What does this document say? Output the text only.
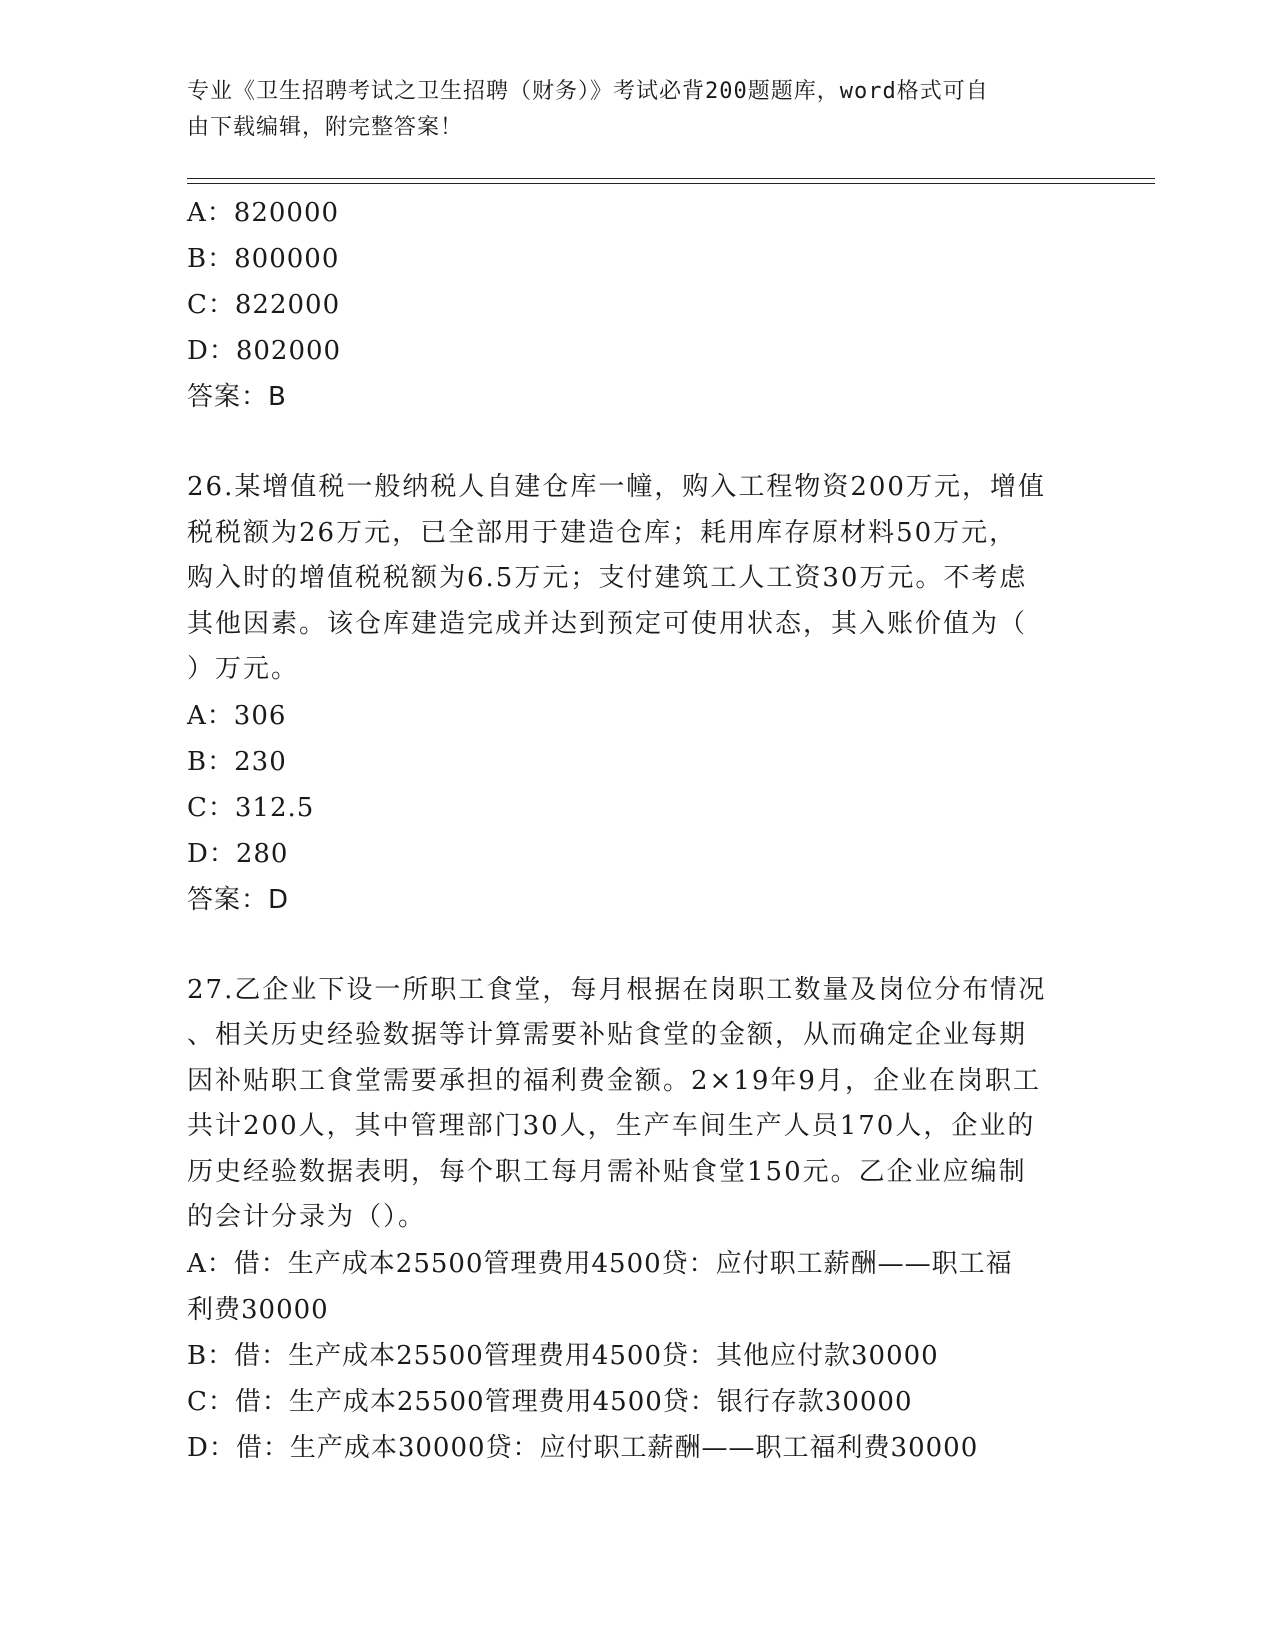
专业《卫生招聘考试之卫生招聘（财务）》考试必背200题题库，word格式可自
由下载编辑，附完整答案！
A：820000
B：800000
C：822000
D：802000
答案：B
26.某增值税一般纳税人自建仓库一幢，购入工程物资200万元，增值
税税额为26万元，已全部用于建造仓库；耗用库存原材料50万元，
购入时的增值税税额为6.5万元；支付建筑工人工资30万元。不考虑
其他因素。该仓库建造完成并达到预定可使用状态，其入账价值为（
）万元。
A：306
B：230
C：312.5
D：280
答案：D
27.乙企业下设一所职工食堂，每月根据在岗职工数量及岗位分布情况
、相关历史经验数据等计算需要补贴食堂的金额，从而确定企业每期
因补贴职工食堂需要承担的福利费金额。2×19年9月，企业在岗职工
共计200人，其中管理部门30人，生产车间生产人员170人，企业的
历史经验数据表明，每个职工每月需补贴食堂150元。乙企业应编制
的会计分录为（）。
A：借：生产成本25500管理费用4500贷：应付职工薪酬——职工福
利费30000
B：借：生产成本25500管理费用4500贷：其他应付款30000
C：借：生产成本25500管理费用4500贷：银行存款30000
D：借：生产成本30000贷：应付职工薪酬——职工福利费30000
